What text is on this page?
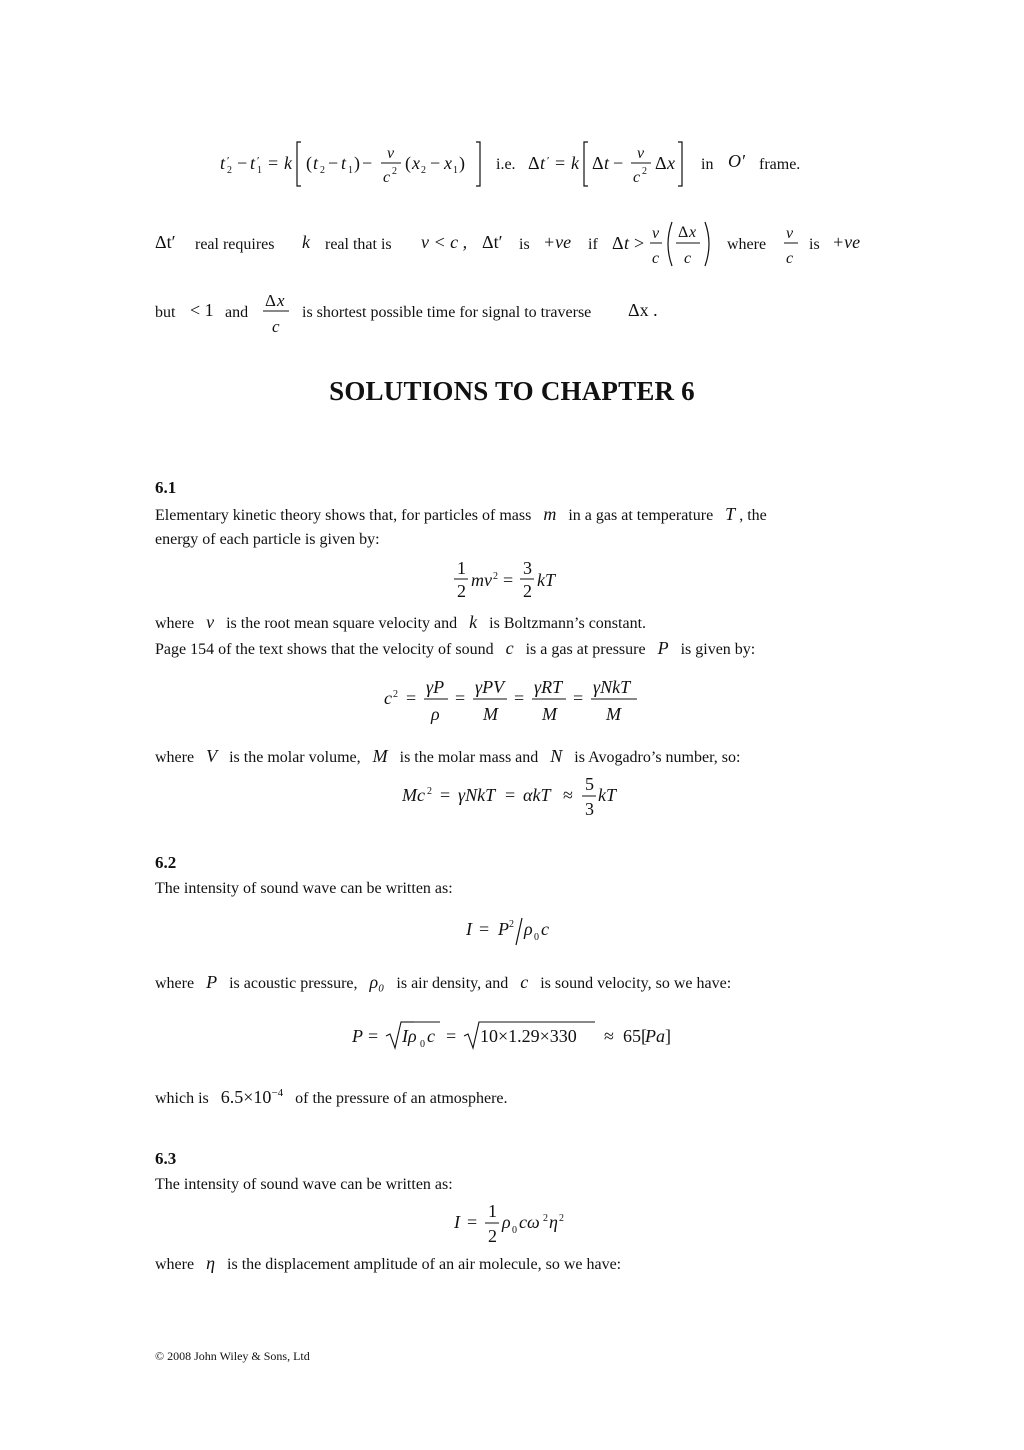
t ′
2 − t ′
1 = k ( t 2 − t 1 ) − v
c 2 ( x 2 − x 1 ) i.e. Δ t ′ = k Δ t − v
c 2 Δ x in O′ frame.
Δt′ real requires k real that is v < c , Δt′ is +ve if Δ t > v
c
Δ x
c
where
v
c
is +ve
but < 1 and
Δ x
c
is shortest possible time for signal to traverse Δx .
SOLUTIONS TO CHAPTER 6
6.1
Elementary kinetic theory shows that, for particles of mass m in a gas at temperature T , the
energy of each particle is given by:
1
2
mv 2 =
3
2
kT
where v is the root mean square velocity and k is Boltzmann’s constant.
Page 154 of the text shows that the velocity of sound c is a gas at pressure P is given by:
c 2 =
γP
ρ
=
γPV
M
=
γRT
M
=
γNkT
M
where V is the molar volume, M is the molar mass and N is Avogadro’s number, so:
Mc 2 = γNkT = αkT ≈
5
3
kT
6.2
The intensity of sound wave can be written as:
I = P 2 ρ 0 c
where P is acoustic pressure, ρ₀ is air density, and c is sound velocity, so we have:
P = Iρ 0 c = 10×1.29×330 ≈ 65[
Pa ]
which is $6.5\times 10^{-4}$ of the pressure of an atmosphere.
6.3
The intensity of sound wave can be written as:
I =
1
2
ρ 0 cω 2 η 2
where η is the displacement amplitude of an air molecule, so we have:
© 2008 John Wiley & Sons, Ltd
